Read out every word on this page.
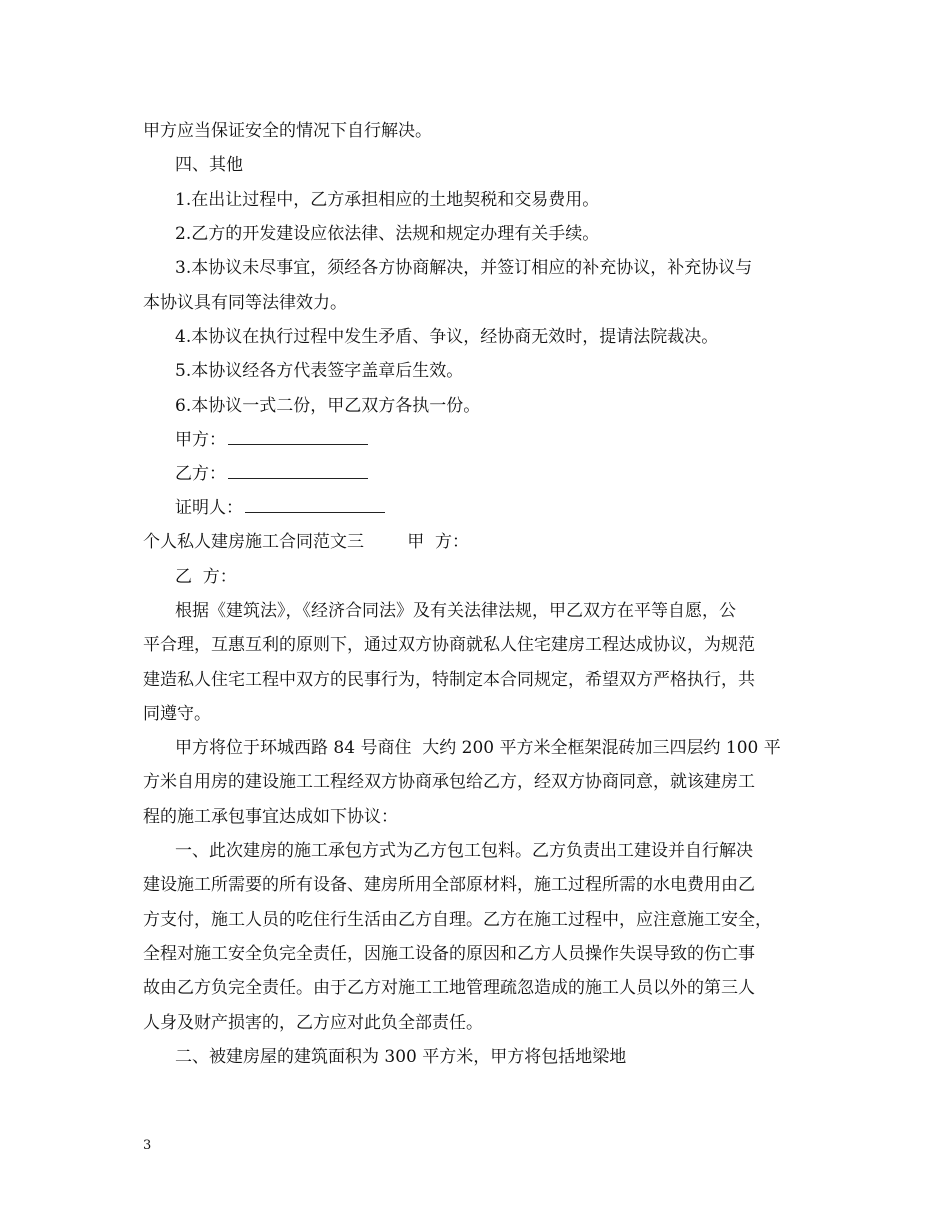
甲方应当保证安全的情况下自行解决。
四、其他
1.在出让过程中，乙方承担相应的土地契税和交易费用。
2.乙方的开发建设应依法律、法规和规定办理有关手续。
3.本协议未尽事宜，须经各方协商解决，并签订相应的补充协议，补充协议与
本协议具有同等法律效力。
4.本协议在执行过程中发生矛盾、争议，经协商无效时，提请法院裁决。
5.本协议经各方代表签字盖章后生效。
6.本协议一式二份，甲乙双方各执一份。
甲方：
乙方：
证明人：
个人私人建房施工合同范文三        甲  方：
乙  方：
根据《建筑法》，《经济合同法》及有关法律法规，甲乙双方在平等自愿，公
平合理，互惠互利的原则下，通过双方协商就私人住宅建房工程达成协议，为规范
建造私人住宅工程中双方的民事行为，特制定本合同规定，希望双方严格执行，共
同遵守。
甲方将位于环城西路 84 号商住  大约 200 平方米全框架混砖加三四层约 100 平
方米自用房的建设施工工程经双方协商承包给乙方，经双方协商同意，就该建房工
程的施工承包事宜达成如下协议：
一、此次建房的施工承包方式为乙方包工包料。乙方负责出工建设并自行解决
建设施工所需要的所有设备、建房所用全部原材料，施工过程所需的水电费用由乙
方支付，施工人员的吃住行生活由乙方自理。乙方在施工过程中，应注意施工安全，
全程对施工安全负完全责任，因施工设备的原因和乙方人员操作失误导致的伤亡事
故由乙方负完全责任。由于乙方对施工工地管理疏忽造成的施工人员以外的第三人
人身及财产损害的，乙方应对此负全部责任。
二、被建房屋的建筑面积为 300 平方米，甲方将包括地梁地
3
